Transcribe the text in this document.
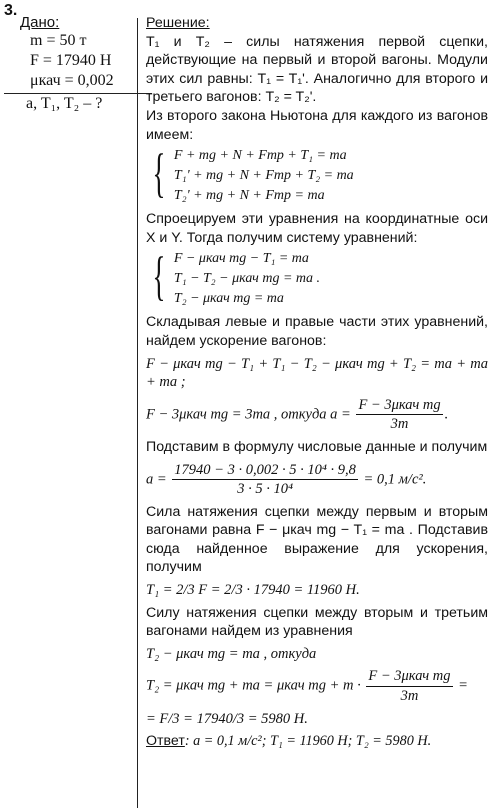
3.
Дано:
m = 50 т
F = 17940 Н
μкач = 0,002
a, T₁, T₂ – ?

Решение:

T₁ и T₂ – силы натяжения первой сцепки, действующие на первый и второй вагоны. Модули этих сил равны: T₁ = T₁'. Аналогично для второго и третьего вагонов: T₂ = T₂'.

Из второго закона Ньютона для каждого из вагонов имеем:

{ F + mg + N + Fтр + T₁ = ma
T₁' + mg + N + Fтр + T₂ = ma
T₂' + mg + N + Fтр = ma

Спроецируем эти уравнения на координатные оси X и Y. Тогда получим систему уравнений:

{ F − μкач mg − T₁ = ma
T₁ − T₂ − μкач mg = ma .
T₂ − μкач mg = ma

Складывая левые и правые части этих уравнений, найдем ускорение вагонов:

F − μкач mg − T₁ + T₁ − T₂ − μкач mg + T₂ = ma + ma + ma ;
F − 3μкач mg = 3ma , откуда $a = \frac{\text{F − 3μкач mg}}{3m}$ .

Подставим в формулу числовые данные и получим

$a = \frac{\text{17940 − 3 · 0,002 · 5 · 10⁴ · 9,8}}{\text{3 · 5 · 10⁴}} = 0,1$ м/с².

Сила натяжения сцепки между первым и вторым вагонами равна F − μкач mg − T₁ = ma . Подставив сюда найденное выражение для ускорения, получим

T₁ = 2/3 F = 2/3 · 17940 = 11960 Н.

Силу натяжения сцепки между вторым и третьим вагонами найдем из уравнения

T₂ − μкач mg = ma , откуда
T₂ = μкач mg + ma = μкач mg + $m \cdot \frac{\text{F − 3μкач mg}}{3m}$ =
= F/3 = 17940/3 = 5980 Н.

Ответ: a = 0,1 м/с²; T₁ = 11960 Н; T₂ = 5980 Н.
